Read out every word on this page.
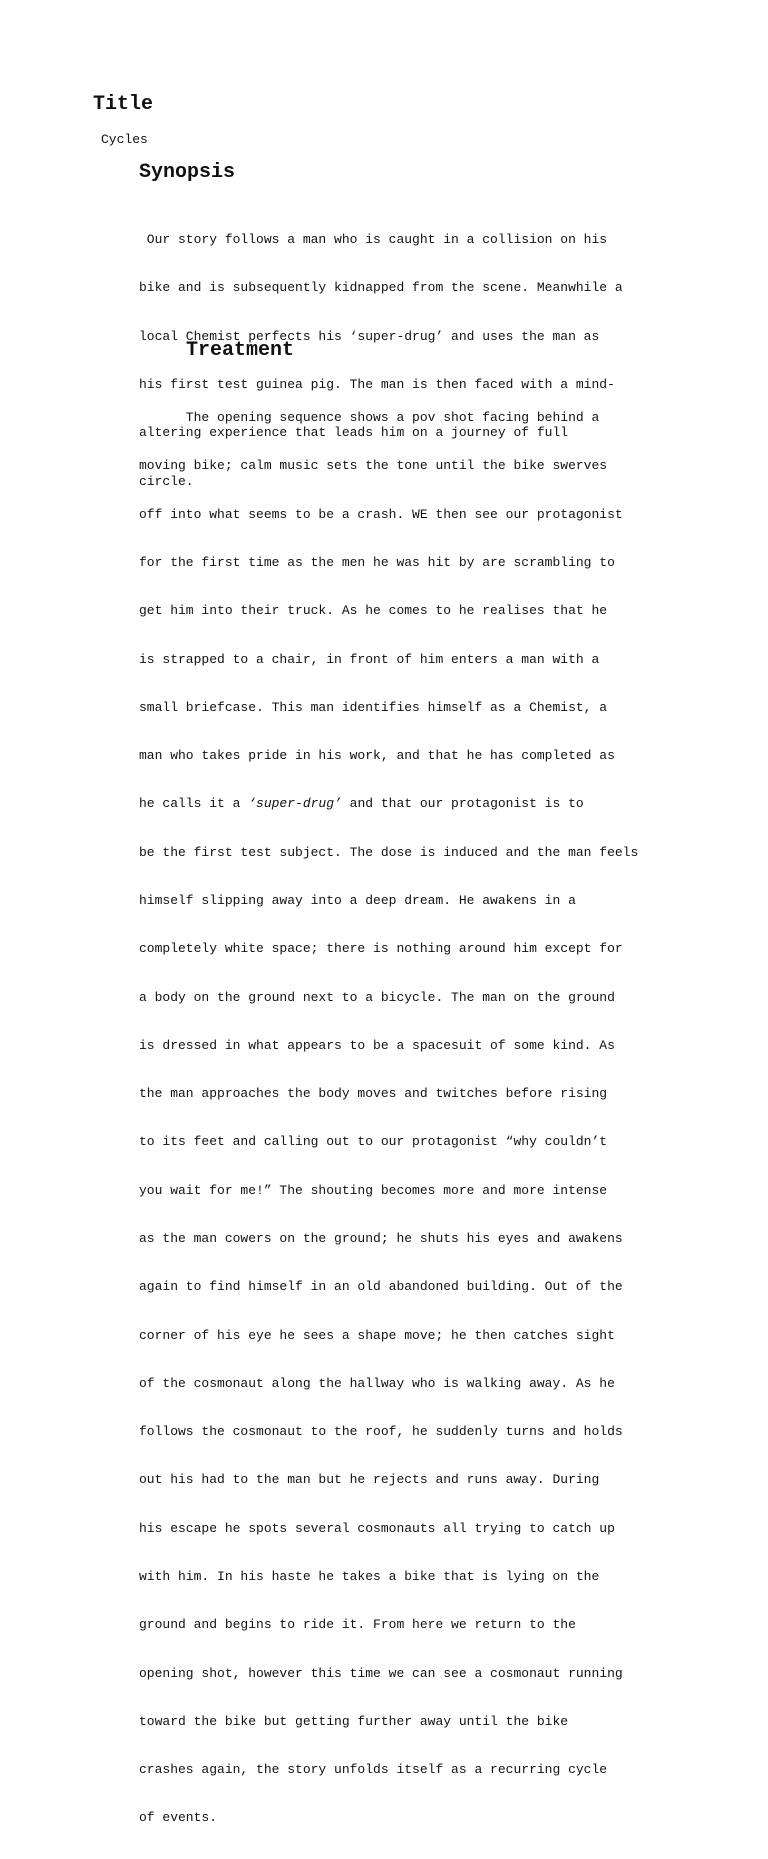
Title

Cycles

Synopsis

Our story follows a man who is caught in a collision on his

bike and is subsequently kidnapped from the scene. Meanwhile a

local Chemist perfects his ‘super-drug’ and uses the man as

his first test guinea pig. The man is then faced with a mind-

altering experience that leads him on a journey of full

circle.

Treatment

The opening sequence shows a pov shot facing behind a

moving bike; calm music sets the tone until the bike swerves

off into what seems to be a crash. WE then see our protagonist

for the first time as the men he was hit by are scrambling to

get him into their truck. As he comes to he realises that he

is strapped to a chair, in front of him enters a man with a

small briefcase. This man identifies himself as a Chemist, a

man who takes pride in his work, and that he has completed as

he calls it a ‘super-drug’ and that our protagonist is to

be the first test subject. The dose is induced and the man feels

himself slipping away into a deep dream. He awakens in a

completely white space; there is nothing around him except for

a body on the ground next to a bicycle. The man on the ground

is dressed in what appears to be a spacesuit of some kind. As

the man approaches the body moves and twitches before rising

to its feet and calling out to our protagonist “why couldn’t

you wait for me!” The shouting becomes more and more intense

as the man cowers on the ground; he shuts his eyes and awakens

again to find himself in an old abandoned building. Out of the

corner of his eye he sees a shape move; he then catches sight

of the cosmonaut along the hallway who is walking away. As he

follows the cosmonaut to the roof, he suddenly turns and holds

out his had to the man but he rejects and runs away. During

his escape he spots several cosmonauts all trying to catch up

with him. In his haste he takes a bike that is lying on the

ground and begins to ride it. From here we return to the

opening shot, however this time we can see a cosmonaut running

toward the bike but getting further away until the bike

crashes again, the story unfolds itself as a recurring cycle

of events.
